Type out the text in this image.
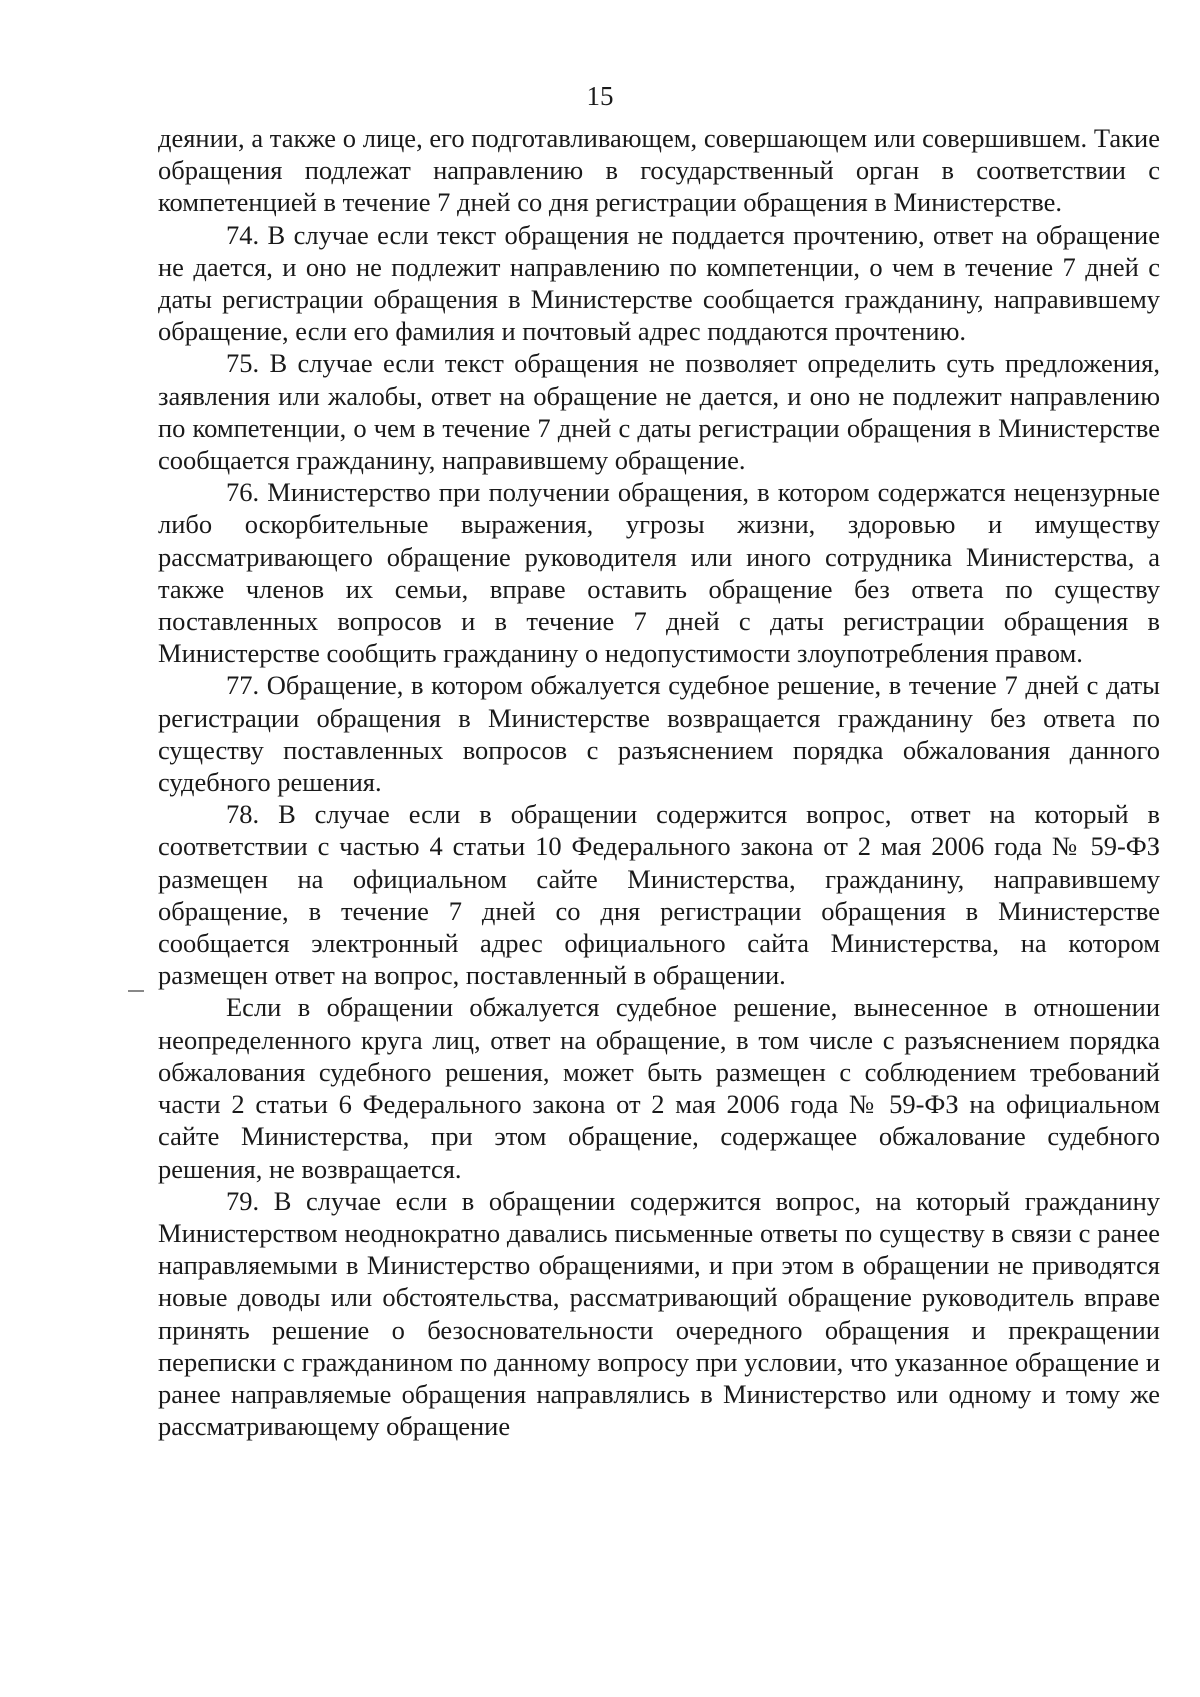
15

деянии, а также о лице, его подготавливающем, совершающем или совершившем. Такие обращения подлежат направлению в государственный орган в соответствии с компетенцией в течение 7 дней со дня регистрации обращения в Министерстве.

74. В случае если текст обращения не поддается прочтению, ответ на обращение не дается, и оно не подлежит направлению по компетенции, о чем в течение 7 дней с даты регистрации обращения в Министерстве сообщается гражданину, направившему обращение, если его фамилия и почтовый адрес поддаются прочтению.

75. В случае если текст обращения не позволяет определить суть предложения, заявления или жалобы, ответ на обращение не дается, и оно не подлежит направлению по компетенции, о чем в течение 7 дней с даты регистрации обращения в Министерстве сообщается гражданину, направившему обращение.

76. Министерство при получении обращения, в котором содержатся нецензурные либо оскорбительные выражения, угрозы жизни, здоровью и имуществу рассматривающего обращение руководителя или иного сотрудника Министерства, а также членов их семьи, вправе оставить обращение без ответа по существу поставленных вопросов и в течение 7 дней с даты регистрации обращения в Министерстве сообщить гражданину о недопустимости злоупотребления правом.

77. Обращение, в котором обжалуется судебное решение, в течение 7 дней с даты регистрации обращения в Министерстве возвращается гражданину без ответа по существу поставленных вопросов с разъяснением порядка обжалования данного судебного решения.

78. В случае если в обращении содержится вопрос, ответ на который в соответствии с частью 4 статьи 10 Федерального закона от 2 мая 2006 года № 59-ФЗ размещен на официальном сайте Министерства, гражданину, направившему обращение, в течение 7 дней со дня регистрации обращения в Министерстве сообщается электронный адрес официального сайта Министерства, на котором размещен ответ на вопрос, поставленный в обращении.

Если в обращении обжалуется судебное решение, вынесенное в отношении неопределенного круга лиц, ответ на обращение, в том числе с разъяснением порядка обжалования судебного решения, может быть размещен с соблюдением требований части 2 статьи 6 Федерального закона от 2 мая 2006 года № 59-ФЗ на официальном сайте Министерства, при этом обращение, содержащее обжалование судебного решения, не возвращается.

79. В случае если в обращении содержится вопрос, на который гражданину Министерством неоднократно давались письменные ответы по существу в связи с ранее направляемыми в Министерство обращениями, и при этом в обращении не приводятся новые доводы или обстоятельства, рассматривающий обращение руководитель вправе принять решение о безосновательности очередного обращения и прекращении переписки с гражданином по данному вопросу при условии, что указанное обращение и ранее направляемые обращения направлялись в Министерство или одному и тому же рассматривающему обращение
